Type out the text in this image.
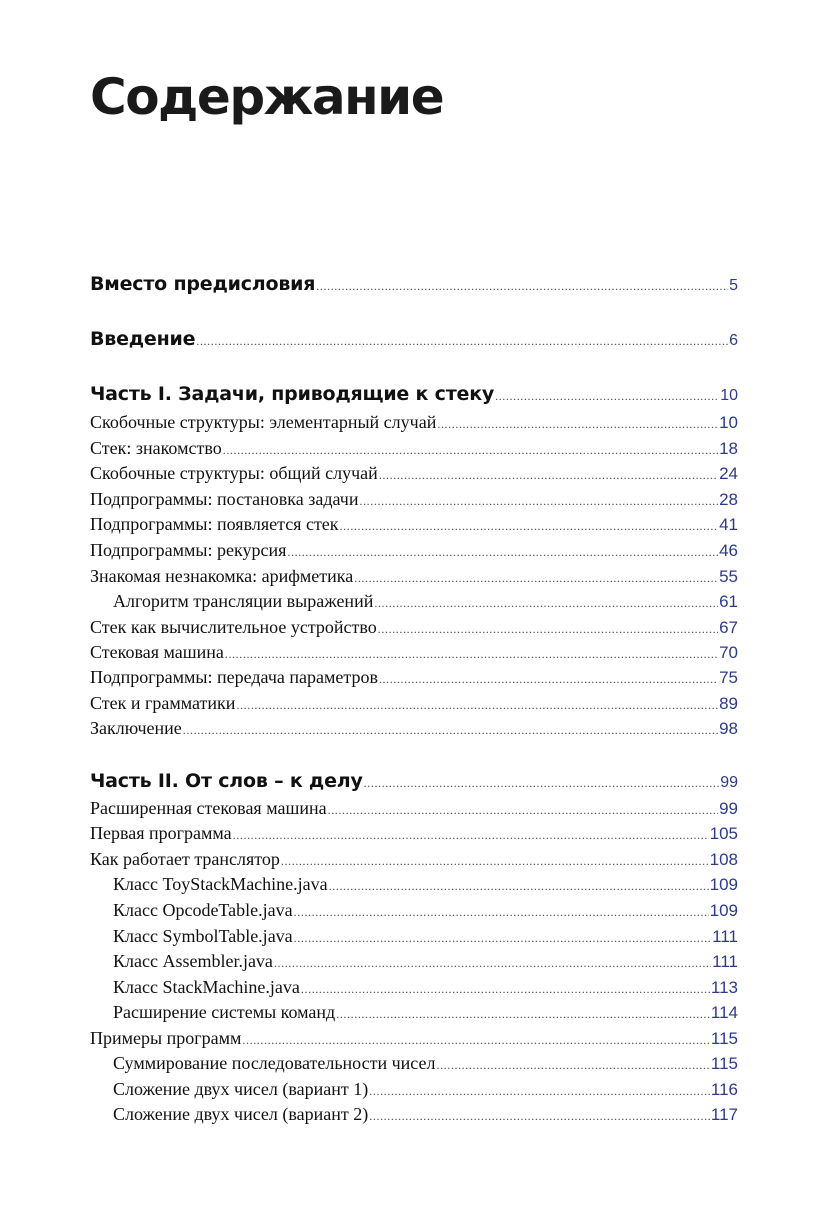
Содержание
Вместо предисловия .....	5
Введение .....	6
Часть I. Задачи, приводящие к стеку .....	10
Скобочные структуры: элементарный случай .....	10
Стек: знакомство .....	18
Скобочные структуры: общий случай .....	24
Подпрограммы: постановка задачи .....	28
Подпрограммы: появляется стек .....	41
Подпрограммы: рекурсия .....	46
Знакомая незнакомка: арифметика .....	55
Алгоритм трансляции выражений .....	61
Стек как вычислительное устройство .....	67
Стековая машина .....	70
Подпрограммы: передача параметров .....	75
Стек и грамматики .....	89
Заключение .....	98
Часть II. От слов – к делу .....	99
Расширенная стековая машина .....	99
Первая программа .....	105
Как работает транслятор .....	108
Класс ToyStackMachine.java .....	109
Класс OpcodeTable.java .....	109
Класс SymbolTable.java .....	111
Класс Assembler.java .....	111
Класс StackMachine.java .....	113
Расширение системы команд .....	114
Примеры программ .....	115
Суммирование последовательности чисел .....	115
Сложение двух чисел (вариант 1) .....	116
Сложение двух чисел (вариант 2) .....	117
